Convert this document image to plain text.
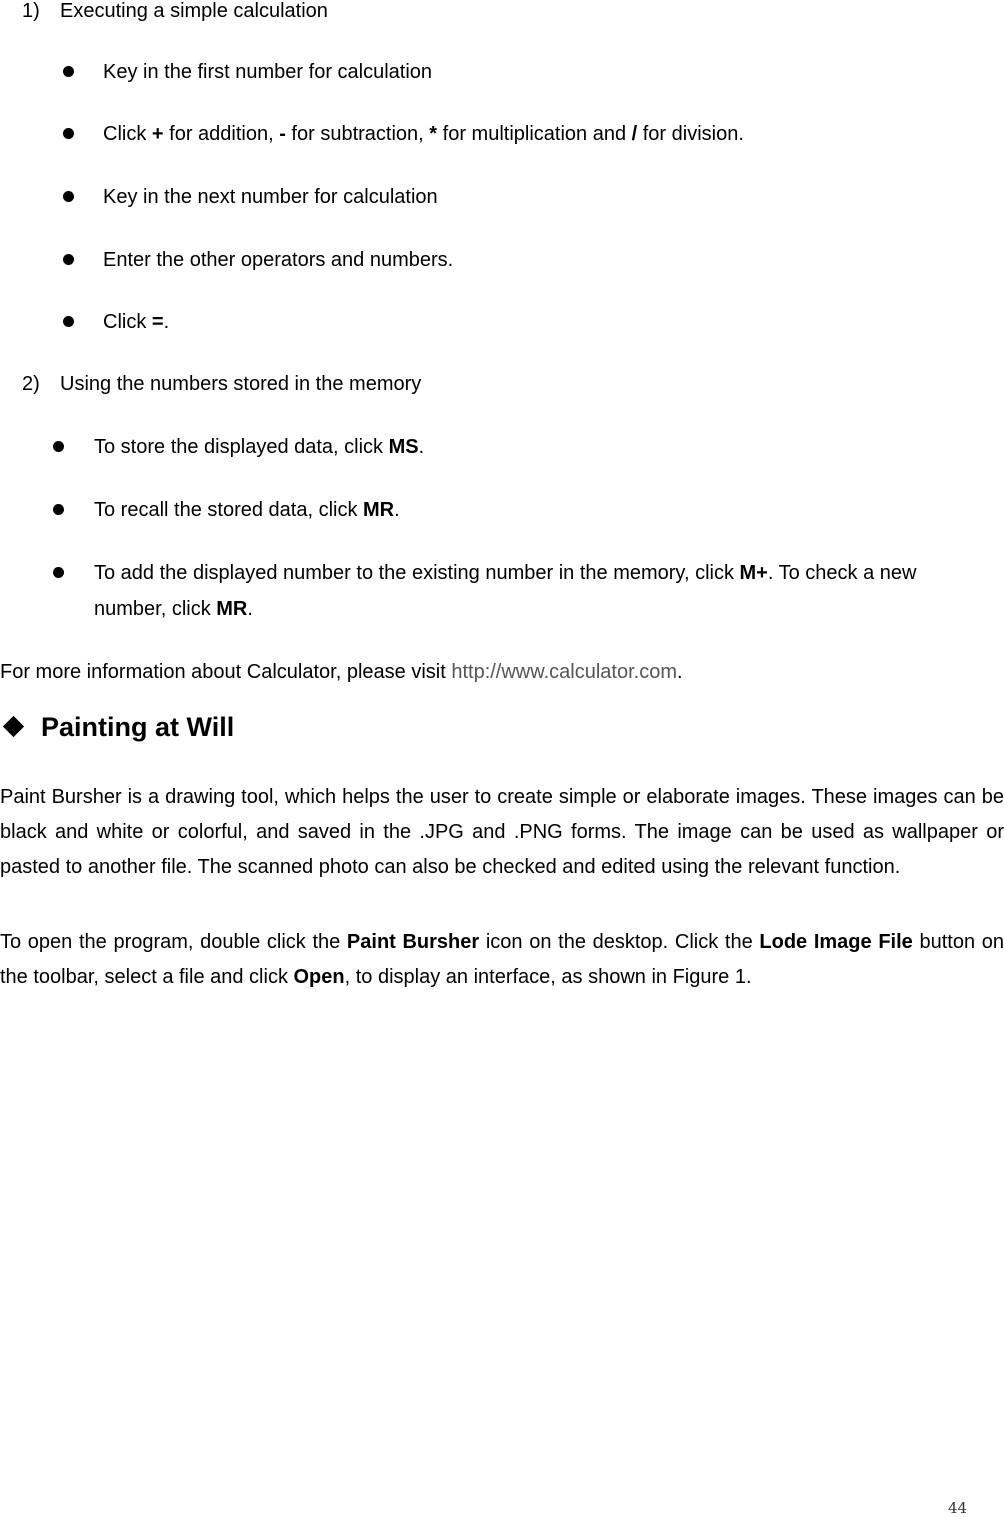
1) Executing a simple calculation
Key in the first number for calculation
Click + for addition, - for subtraction, * for multiplication and / for division.
Key in the next number for calculation
Enter the other operators and numbers.
Click =.
2) Using the numbers stored in the memory
To store the displayed data, click MS.
To recall the stored data, click MR.
To add the displayed number to the existing number in the memory, click M+. To check a new
number, click MR.
For more information about Calculator, please visit http://www.calculator.com.
Painting at Will
Paint Bursher is a drawing tool, which helps the user to create simple or elaborate images. These images can be black and white or colorful, and saved in the .JPG and .PNG forms. The image can be used as wallpaper or pasted to another file. The scanned photo can also be checked and edited using the relevant function.
To open the program, double click the Paint Bursher icon on the desktop. Click the Lode Image File button on the toolbar, select a file and click Open, to display an interface, as shown in Figure 1.
44
